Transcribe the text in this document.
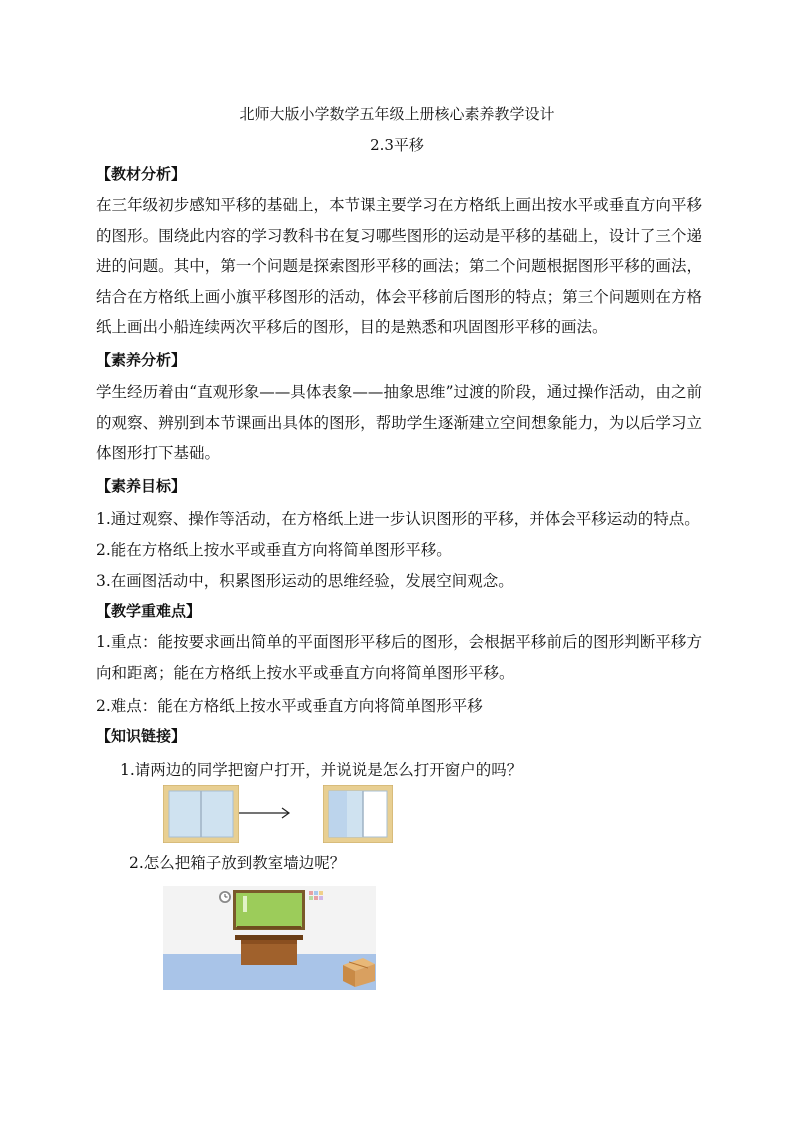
北师大版小学数学五年级上册核心素养教学设计
2.3平移
【教材分析】
在三年级初步感知平移的基础上，本节课主要学习在方格纸上画出按水平或垂直方向平移的图形。围绕此内容的学习教科书在复习哪些图形的运动是平移的基础上，设计了三个递进的问题。其中，第一个问题是探索图形平移的画法；第二个问题根据图形平移的画法，结合在方格纸上画小旗平移图形的活动，体会平移前后图形的特点；第三个问题则在方格纸上画出小船连续两次平移后的图形，目的是熟悉和巩固图形平移的画法。
【素养分析】
学生经历着由“直观形象——具体表象——抽象思维”过渡的阶段，通过操作活动，由之前的观察、辨别到本节课画出具体的图形，帮助学生逐渐建立空间想象能力，为以后学习立体图形打下基础。
【素养目标】
1.通过观察、操作等活动，在方格纸上进一步认识图形的平移，并体会平移运动的特点。
2.能在方格纸上按水平或垂直方向将简单图形平移。
3.在画图活动中，积累图形运动的思维经验，发展空间观念。
【教学重难点】
1.重点：能按要求画出简单的平面图形平移后的图形，会根据平移前后的图形判断平移方向和距离；能在方格纸上按水平或垂直方向将简单图形平移。
2.难点：能在方格纸上按水平或垂直方向将简单图形平移
【知识链接】
1.请两边的同学把窗户打开，并说说是怎么打开窗户的吗？
2.怎么把箱子放到教室墙边呢？
